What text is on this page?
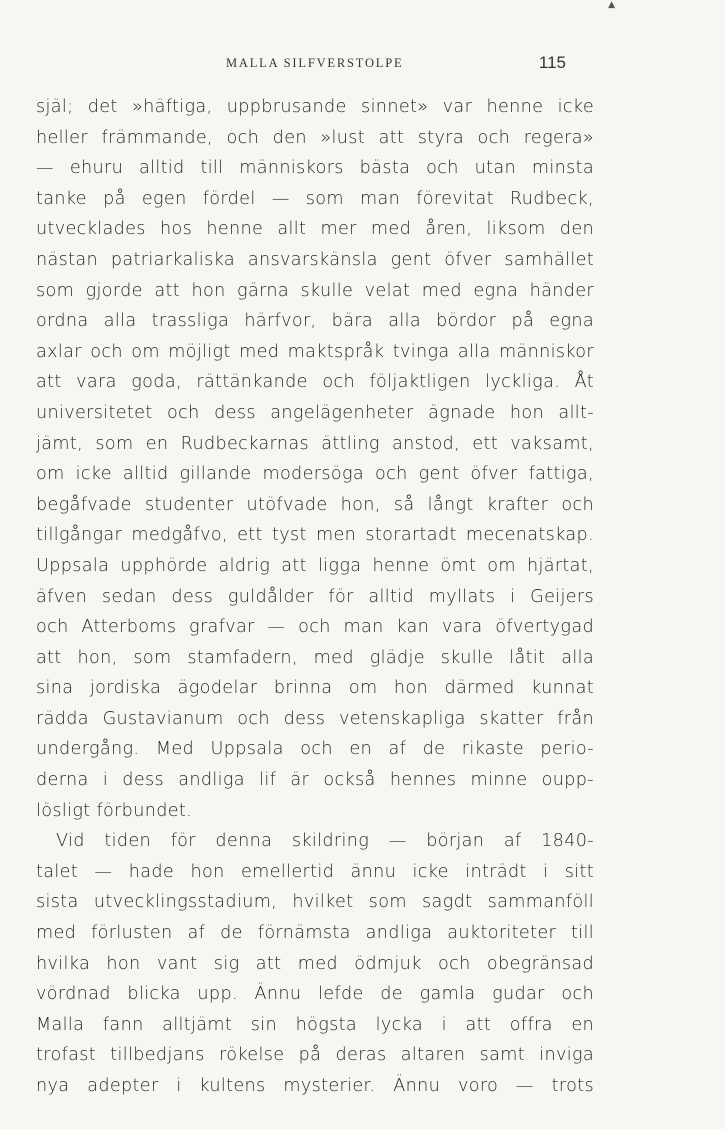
▲
MALLA SILFVERSTOLPE	115
själ; det »häftiga, uppbrusande sinnet» var henne icke
heller främmande, och den »lust att styra och regera»
— ehuru alltid till människors bästa och utan minsta
tanke på egen fördel — som man förevitat Rudbeck,
utvecklades hos henne allt mer med åren, liksom den
nästan patriarkaliska ansvarskänsla gent öfver samhället
som gjorde att hon gärna skulle velat med egna händer
ordna alla trassliga härfvor, bära alla bördor på egna
axlar och om möjligt med maktspråk tvinga alla människor
att vara goda, rättänkande och följaktligen lyckliga. Åt
universitetet och dess angelägenheter ägnade hon allt-
jämt, som en Rudbeckarnas ättling anstod, ett vaksamt,
om icke alltid gillande modersöga och gent öfver fattiga,
begåfvade studenter utöfvade hon, så långt krafter och
tillgångar medgåfvo, ett tyst men storartadt mecenatskap.
Uppsala upphörde aldrig att ligga henne ömt om hjärtat,
äfven sedan dess guldålder för alltid myllats i Geijers
och Atterboms grafvar — och man kan vara öfvertygad
att hon, som stamfadern, med glädje skulle låtit alla
sina jordiska ägodelar brinna om hon därmed kunnat
rädda Gustavianum och dess vetenskapliga skatter från
undergång. Med Uppsala och en af de rikaste perio-
derna i dess andliga lif är också hennes minne oupp-
lösligt förbundet.
Vid tiden för denna skildring — början af 1840-
talet — hade hon emellertid ännu icke inträdt i sitt
sista utvecklingsstadium, hvilket som sagdt sammanföll
med förlusten af de förnämsta andliga auktoriteter till
hvilka hon vant sig att med ödmjuk och obegränsad
vördnad blicka upp. Ännu lefde de gamla gudar och
Malla fann alltjämt sin högsta lycka i att offra en
trofast tillbedjans rökelse på deras altaren samt inviga
nya adepter i kultens mysterier. Ännu voro — trots
